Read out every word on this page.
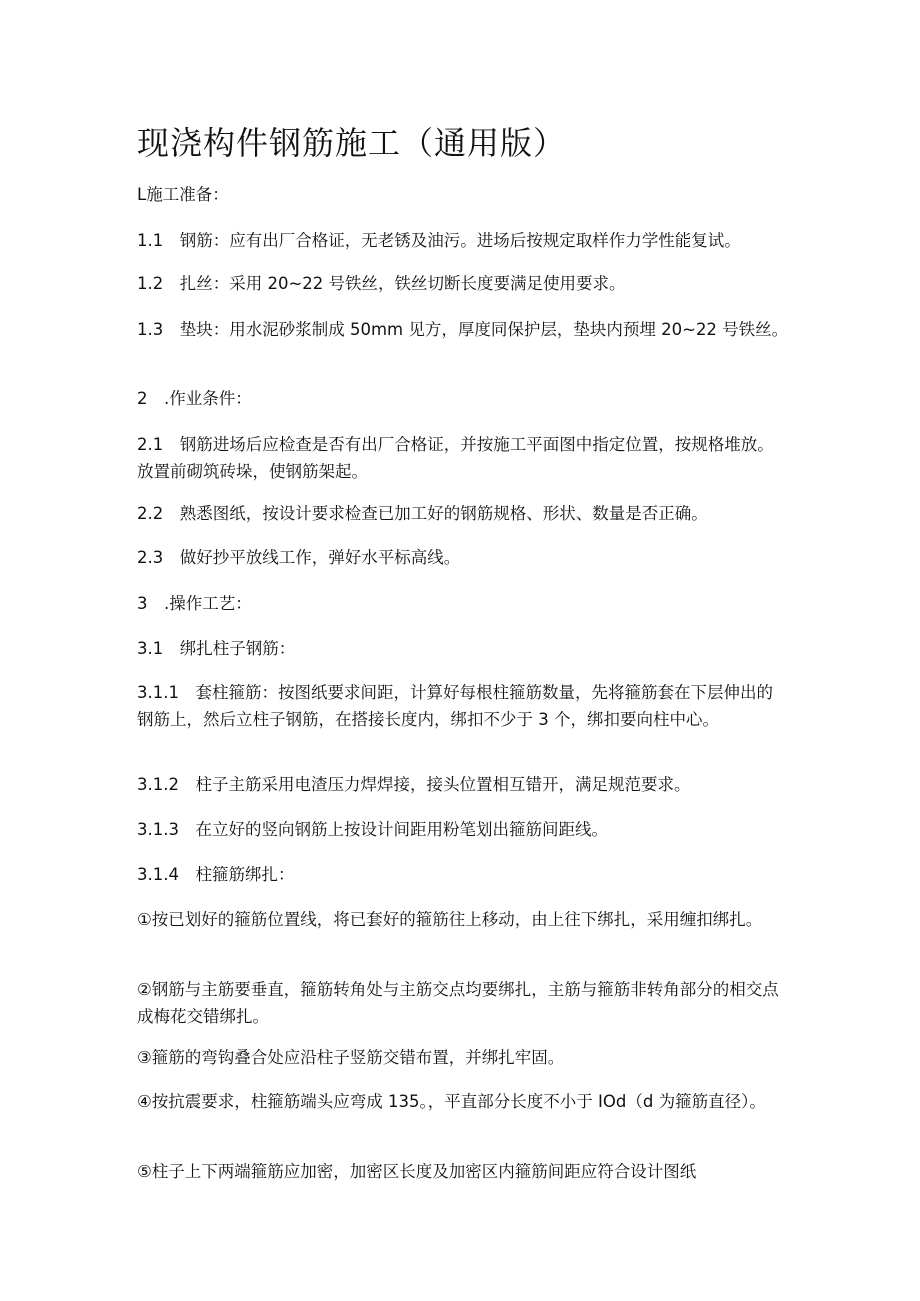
现浇构件钢筋施工（通用版）
L施工准备：
1.1　钢筋：应有出厂合格证，无老锈及油污。进场后按规定取样作力学性能复试。
1.2　扎丝：采用 20~22 号铁丝，铁丝切断长度要满足使用要求。
1.3　垫块：用水泥砂浆制成 50mm 见方，厚度同保护层，垫块内预埋 20~22 号铁丝。
2　.作业条件：
2.1　钢筋进场后应检查是否有出厂合格证，并按施工平面图中指定位置，按规格堆放。放置前砌筑砖垛，使钢筋架起。
2.2　熟悉图纸，按设计要求检查已加工好的钢筋规格、形状、数量是否正确。
2.3　做好抄平放线工作，弹好水平标高线。
3　.操作工艺：
3.1　绑扎柱子钢筋：
3.1.1　套柱箍筋：按图纸要求间距，计算好每根柱箍筋数量，先将箍筋套在下层伸出的钢筋上，然后立柱子钢筋，在搭接长度内，绑扣不少于 3 个，绑扣要向柱中心。
3.1.2　柱子主筋采用电渣压力焊焊接，接头位置相互错开，满足规范要求。
3.1.3　在立好的竖向钢筋上按设计间距用粉笔划出箍筋间距线。
3.1.4　柱箍筋绑扎：
①按已划好的箍筋位置线，将已套好的箍筋往上移动，由上往下绑扎，采用缠扣绑扎。
②钢筋与主筋要垂直，箍筋转角处与主筋交点均要绑扎，主筋与箍筋非转角部分的相交点成梅花交错绑扎。
③箍筋的弯钩叠合处应沿柱子竖筋交错布置，并绑扎牢固。
④按抗震要求，柱箍筋端头应弯成 135。，平直部分长度不小于 IOd（d 为箍筋直径）。
⑤柱子上下两端箍筋应加密，加密区长度及加密区内箍筋间距应符合设计图纸
